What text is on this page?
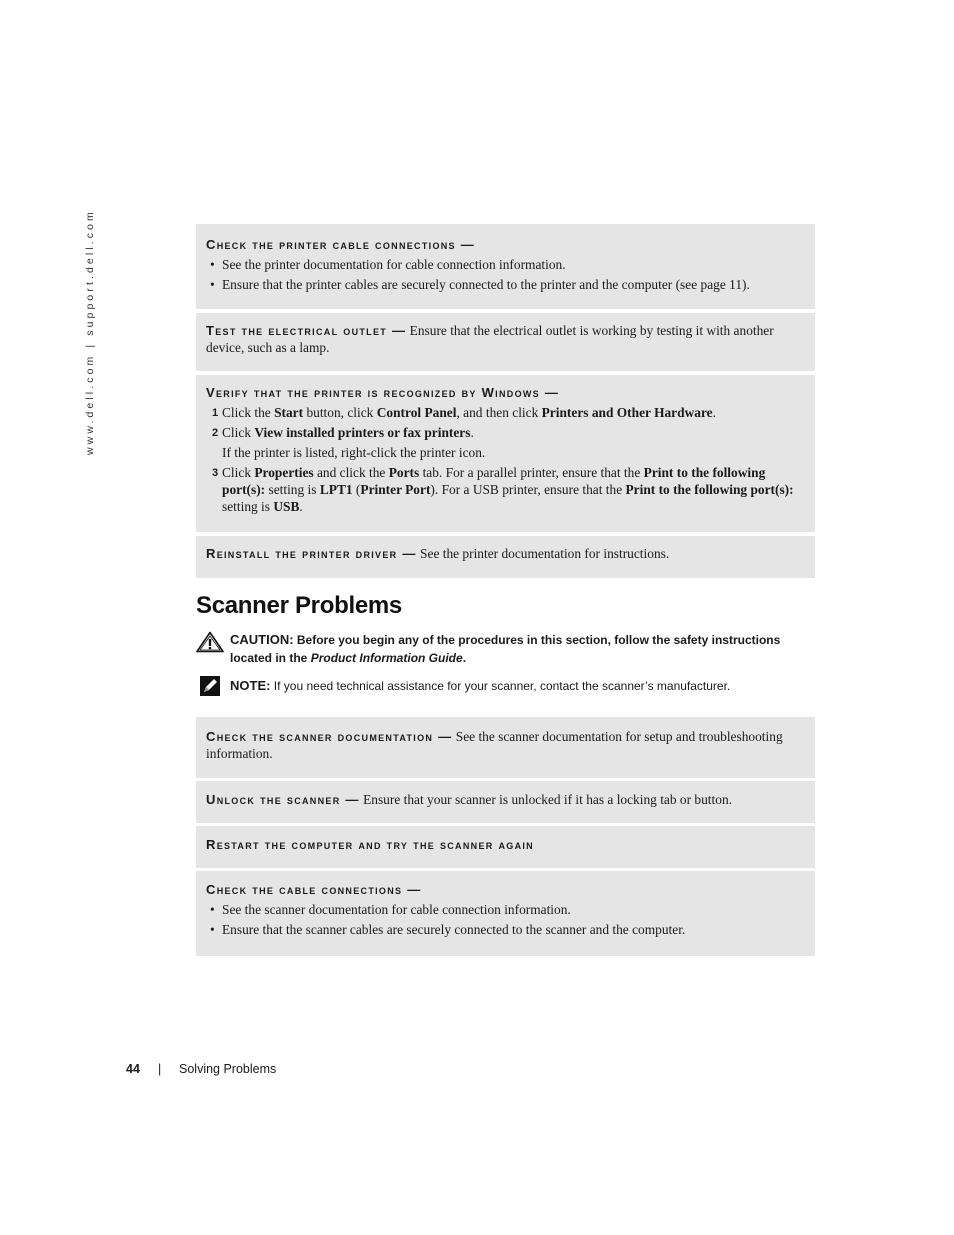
www.dell.com | support.dell.com	Check the printer cable connections —
• See the printer documentation for cable connection information.
• Ensure that the printer cables are securely connected to the printer and the computer (see page 11).
Test the electrical outlet — Ensure that the electrical outlet is working by testing it with another device, such as a lamp.
Verify that the printer is recognized by Windows —
1 Click the Start button, click Control Panel, and then click Printers and Other Hardware.
2 Click View installed printers or fax printers.
If the printer is listed, right-click the printer icon.
3 Click Properties and click the Ports tab. For a parallel printer, ensure that the Print to the following port(s): setting is LPT1 (Printer Port). For a USB printer, ensure that the Print to the following port(s): setting is USB.
Reinstall the printer driver — See the printer documentation for instructions.
Scanner Problems
CAUTION: Before you begin any of the procedures in this section, follow the safety instructions located in the Product Information Guide.
NOTE: If you need technical assistance for your scanner, contact the scanner’s manufacturer.
Check the scanner documentation — See the scanner documentation for setup and troubleshooting information.
Unlock the scanner — Ensure that your scanner is unlocked if it has a locking tab or button.
Restart the computer and try the scanner again
Check the cable connections —
• See the scanner documentation for cable connection information.
• Ensure that the scanner cables are securely connected to the scanner and the computer.
44 | Solving Problems
